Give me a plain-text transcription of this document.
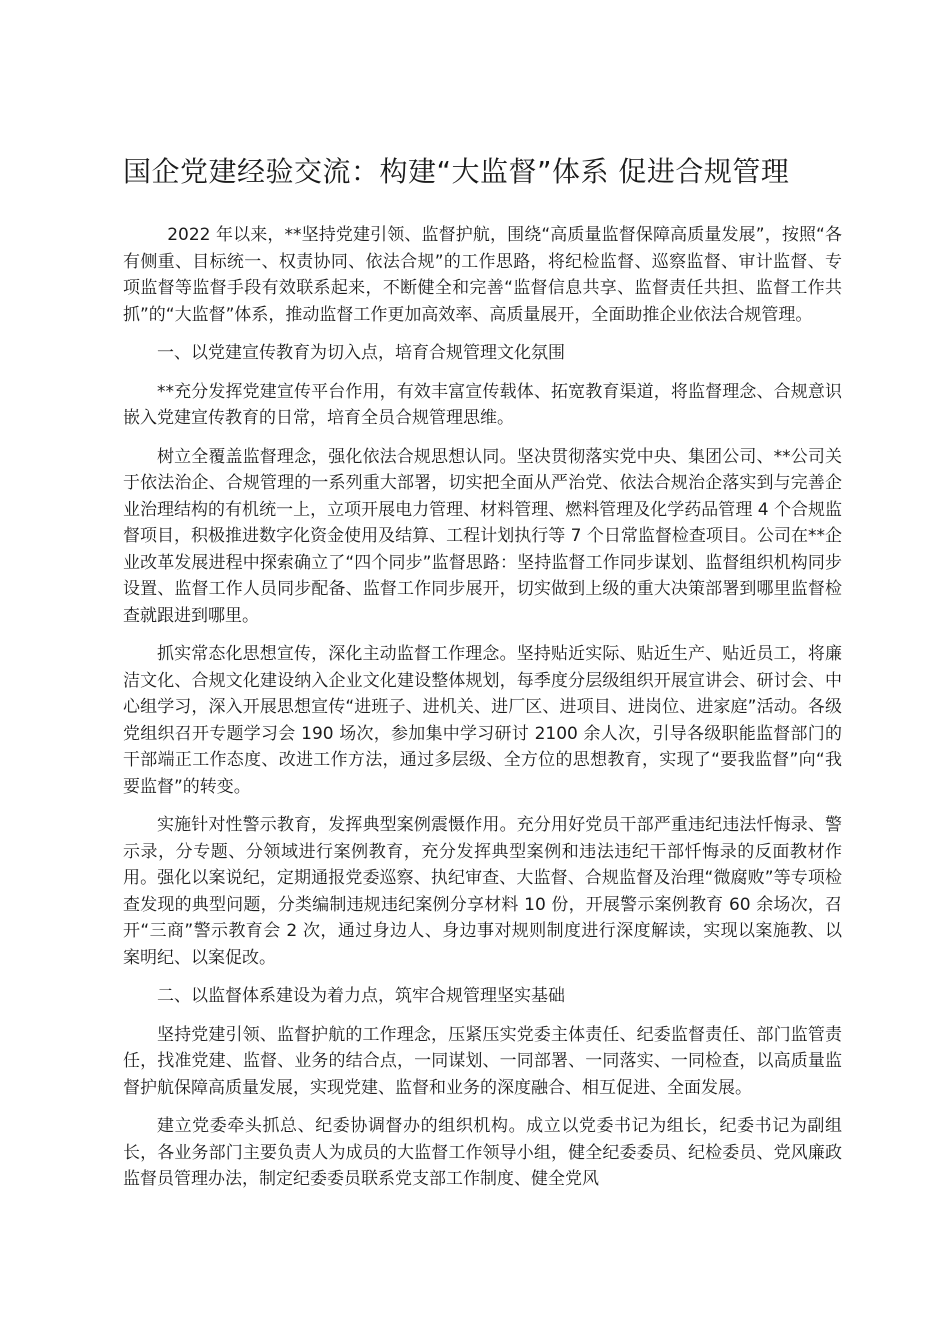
国企党建经验交流：构建“大监督”体系 促进合规管理

2022 年以来，**坚持党建引领、监督护航，围绕“高质量监督保障高质量发展”，按照“各有侧重、目标统一、权责协同、依法合规”的工作思路，将纪检监督、巡察监督、审计监督、专项监督等监督手段有效联系起来，不断健全和完善“监督信息共享、监督责任共担、监督工作共抓”的“大监督”体系，推动监督工作更加高效率、高质量展开，全面助推企业依法合规管理。

一、以党建宣传教育为切入点，培育合规管理文化氛围

**充分发挥党建宣传平台作用，有效丰富宣传载体、拓宽教育渠道，将监督理念、合规意识嵌入党建宣传教育的日常，培育全员合规管理思维。

树立全覆盖监督理念，强化依法合规思想认同。坚决贯彻落实党中央、集团公司、**公司关于依法治企、合规管理的一系列重大部署，切实把全面从严治党、依法合规治企落实到与完善企业治理结构的有机统一上，立项开展电力管理、材料管理、燃料管理及化学药品管理 4 个合规监督项目，积极推进数字化资金使用及结算、工程计划执行等 7 个日常监督检查项目。公司在**企业改革发展进程中探索确立了“四个同步”监督思路：坚持监督工作同步谋划、监督组织机构同步设置、监督工作人员同步配备、监督工作同步展开，切实做到上级的重大决策部署到哪里监督检查就跟进到哪里。

抓实常态化思想宣传，深化主动监督工作理念。坚持贴近实际、贴近生产、贴近员工，将廉洁文化、合规文化建设纳入企业文化建设整体规划，每季度分层级组织开展宣讲会、研讨会、中心组学习，深入开展思想宣传“进班子、进机关、进厂区、进项目、进岗位、进家庭”活动。各级党组织召开专题学习会 190 场次，参加集中学习研讨 2100 余人次，引导各级职能监督部门的干部端正工作态度、改进工作方法，通过多层级、全方位的思想教育，实现了“要我监督”向“我要监督”的转变。

实施针对性警示教育，发挥典型案例震慑作用。充分用好党员干部严重违纪违法忏悔录、警示录，分专题、分领域进行案例教育，充分发挥典型案例和违法违纪干部忏悔录的反面教材作用。强化以案说纪，定期通报党委巡察、执纪审查、大监督、合规监督及治理“微腐败”等专项检查发现的典型问题，分类编制违规违纪案例分享材料 10 份，开展警示案例教育 60 余场次，召开“三商”警示教育会 2 次，通过身边人、身边事对规则制度进行深度解读，实现以案施教、以案明纪、以案促改。

二、以监督体系建设为着力点，筑牢合规管理坚实基础

坚持党建引领、监督护航的工作理念，压紧压实党委主体责任、纪委监督责任、部门监管责任，找准党建、监督、业务的结合点，一同谋划、一同部署、一同落实、一同检查，以高质量监督护航保障高质量发展，实现党建、监督和业务的深度融合、相互促进、全面发展。

建立党委牵头抓总、纪委协调督办的组织机构。成立以党委书记为组长，纪委书记为副组长，各业务部门主要负责人为成员的大监督工作领导小组，健全纪委委员、纪检委员、党风廉政监督员管理办法，制定纪委委员联系党支部工作制度、健全党风
